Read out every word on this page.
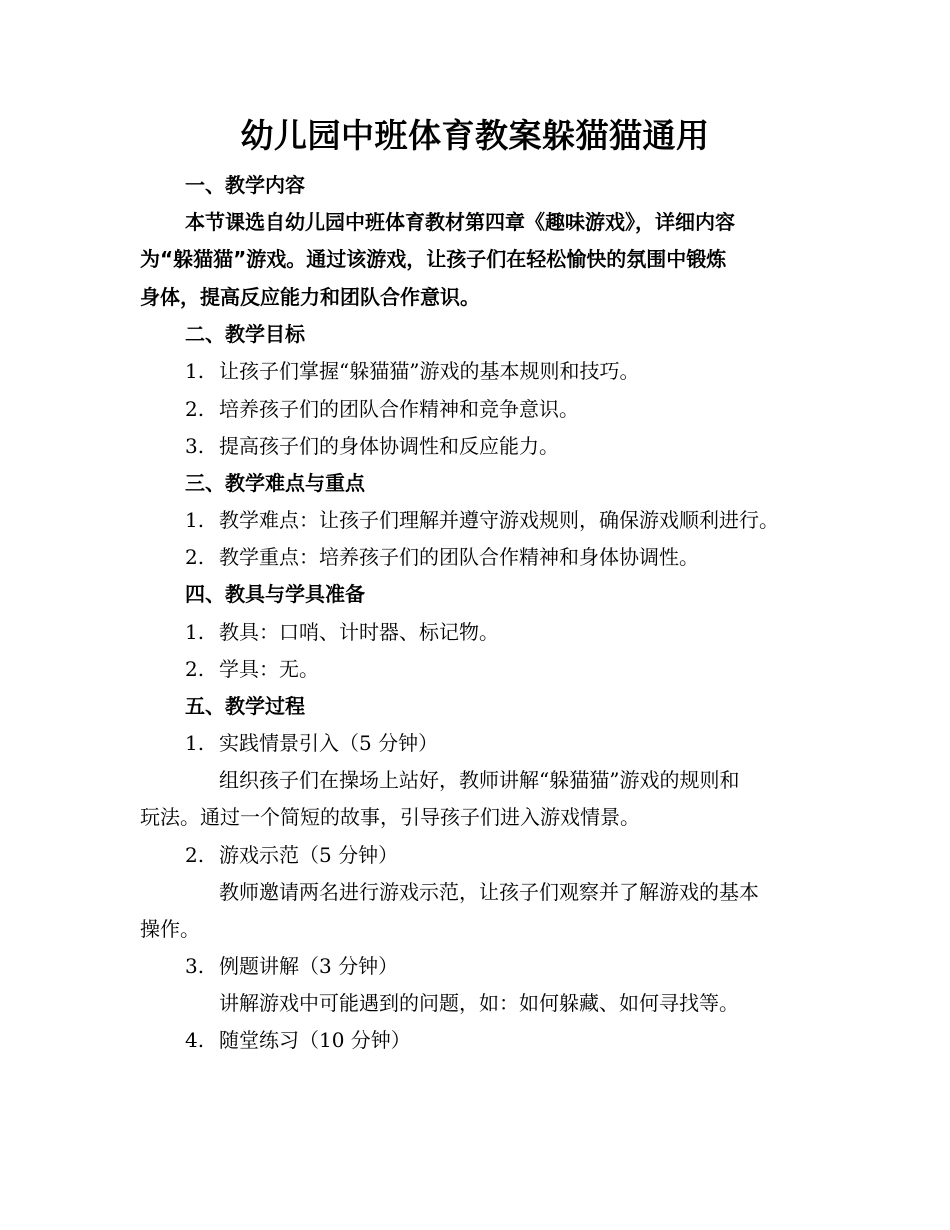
幼儿园中班体育教案躲猫猫通用
一、教学内容
本节课选自幼儿园中班体育教材第四章《趣味游戏》，详细内容
为“躲猫猫”游戏。通过该游戏，让孩子们在轻松愉快的氛围中锻炼
身体，提高反应能力和团队合作意识。
二、教学目标
1. 让孩子们掌握“躲猫猫”游戏的基本规则和技巧。
2. 培养孩子们的团队合作精神和竞争意识。
3. 提高孩子们的身体协调性和反应能力。
三、教学难点与重点
1. 教学难点：让孩子们理解并遵守游戏规则，确保游戏顺利进行。
2. 教学重点：培养孩子们的团队合作精神和身体协调性。
四、教具与学具准备
1. 教具：口哨、计时器、标记物。
2. 学具：无。
五、教学过程
1. 实践情景引入（5 分钟）
组织孩子们在操场上站好，教师讲解“躲猫猫”游戏的规则和
玩法。通过一个简短的故事，引导孩子们进入游戏情景。
2. 游戏示范（5 分钟）
教师邀请两名进行游戏示范，让孩子们观察并了解游戏的基本
操作。
3. 例题讲解（3 分钟）
讲解游戏中可能遇到的问题，如：如何躲藏、如何寻找等。
4. 随堂练习（10 分钟）
